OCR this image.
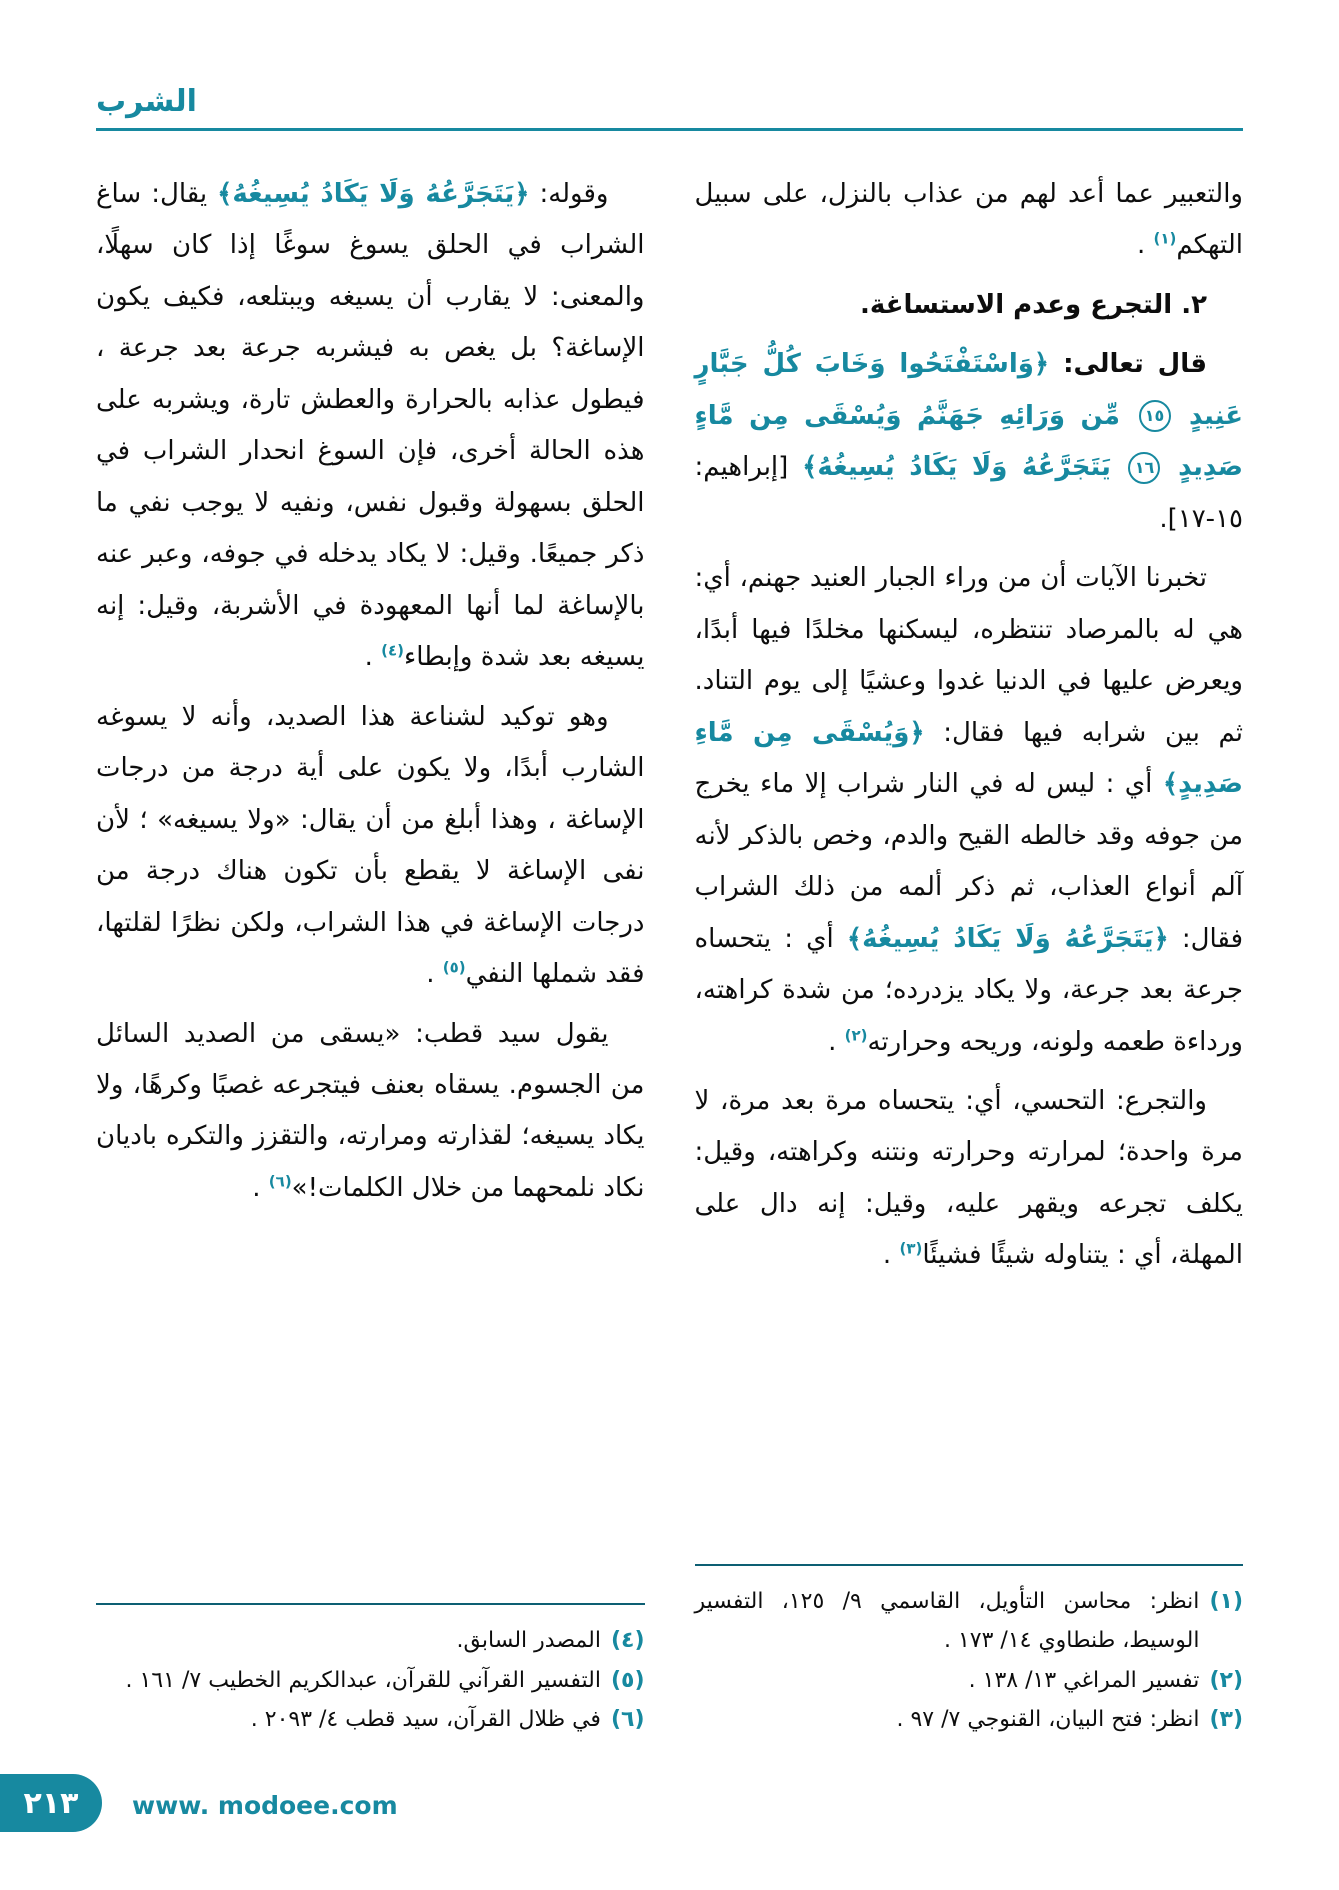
الشرب

والتعبير عما أعد لهم من عذاب بالنزل، على سبيل التهكم$^{(١)}$ .

٢. التجرع وعدم الاستساغة.

قال تعالى: ﴿وَاسْتَفْتَحُوا وَخَابَ كُلُّ جَبَّارٍ عَنِيدٍ ١٥ مِّن وَرَائِهِ جَهَنَّمُ وَيُسْقَى مِن مَّاءٍ صَدِيدٍ ١٦ يَتَجَرَّعُهُ وَلَا يَكَادُ يُسِيغُهُ﴾ [إبراهيم: ١٥-١٧].

تخبرنا الآيات أن من وراء الجبار العنيد جهنم، أي: هي له بالمرصاد تنتظره، ليسكنها مخلدًا فيها أبدًا، ويعرض عليها في الدنيا غدوا وعشيًا إلى يوم التناد. ثم بين شرابه فيها فقال: ﴿وَيُسْقَى مِن مَّاءِ صَدِيدٍ﴾ أي : ليس له في النار شراب إلا ماء يخرج من جوفه وقد خالطه القيح والدم، وخص بالذكر لأنه آلم أنواع العذاب، ثم ذكر ألمه من ذلك الشراب فقال: ﴿يَتَجَرَّعُهُ وَلَا يَكَادُ يُسِيغُهُ﴾ أي : يتحساه جرعة بعد جرعة، ولا يكاد يزدرده؛ من شدة كراهته، ورداءة طعمه ولونه، وريحه وحرارته$^{(٢)}$ .

والتجرع: التحسي، أي: يتحساه مرة بعد مرة، لا مرة واحدة؛ لمرارته وحرارته ونتنه وكراهته، وقيل: يكلف تجرعه ويقهر عليه، وقيل: إنه دال على المهلة، أي : يتناوله شيئًا فشيئًا$^{(٣)}$ .

(١)
انظر: محاسن التأويل، القاسمي ٩/ ١٢٥، التفسير الوسيط، طنطاوي ١٤/ ١٧٣ .
(٢)
تفسير المراغي ١٣/ ١٣٨ .
(٣)
انظر: فتح البيان، القنوجي ٧/ ٩٧ .

وقوله: ﴿يَتَجَرَّعُهُ وَلَا يَكَادُ يُسِيغُهُ﴾ يقال: ساغ الشراب في الحلق يسوغ سوغًا إذا كان سهلًا، والمعنى: لا يقارب أن يسيغه ويبتلعه، فكيف يكون الإساغة؟ بل يغص به فيشربه جرعة بعد جرعة ، فيطول عذابه بالحرارة والعطش تارة، ويشربه على هذه الحالة أخرى، فإن السوغ انحدار الشراب في الحلق بسهولة وقبول نفس، ونفيه لا يوجب نفي ما ذكر جميعًا. وقيل: لا يكاد يدخله في جوفه، وعبر عنه بالإساغة لما أنها المعهودة في الأشربة، وقيل: إنه يسيغه بعد شدة وإبطاء$^{(٤)}$ .

وهو توكيد لشناعة هذا الصديد، وأنه لا يسوغه الشارب أبدًا، ولا يكون على أية درجة من درجات الإساغة ، وهذا أبلغ من أن يقال: «ولا يسيغه» ؛ لأن نفى الإساغة لا يقطع بأن تكون هناك درجة من درجات الإساغة في هذا الشراب، ولكن نظرًا لقلتها، فقد شملها النفي$^{(٥)}$ .

يقول سيد قطب: «يسقى من الصديد السائل من الجسوم. يسقاه بعنف فيتجرعه غصبًا وكرهًا، ولا يكاد يسيغه؛ لقذارته ومرارته، والتقزز والتكره باديان نكاد نلمحهما من خلال الكلمات!»$^{(٦)}$ .

(٤)
المصدر السابق.
(٥)
التفسير القرآني للقرآن، عبدالكريم الخطيب ٧/ ١٦١ .
(٦)
في ظلال القرآن، سيد قطب ٤/ ٢٠٩٣ .
٢١٣ www. modoee.com
